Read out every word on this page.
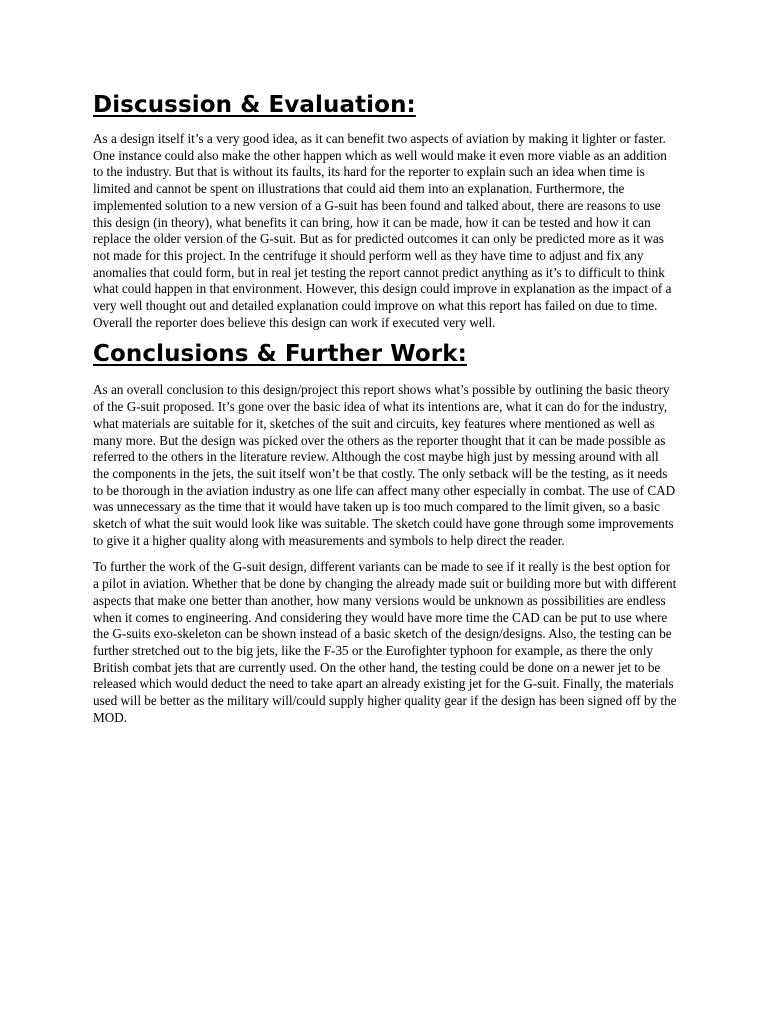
Discussion & Evaluation:

As a design itself it’s a very good idea, as it can benefit two aspects of aviation by making it lighter or faster. One instance could also make the other happen which as well would make it even more viable as an addition to the industry. But that is without its faults, its hard for the reporter to explain such an idea when time is limited and cannot be spent on illustrations that could aid them into an explanation. Furthermore, the implemented solution to a new version of a G-suit has been found and talked about, there are reasons to use this design (in theory), what benefits it can bring, how it can be made, how it can be tested and how it can replace the older version of the G-suit. But as for predicted outcomes it can only be predicted more as it was not made for this project. In the centrifuge it should perform well as they have time to adjust and fix any anomalies that could form, but in real jet testing the report cannot predict anything as it’s to difficult to think what could happen in that environment. However, this design could improve in explanation as the impact of a very well thought out and detailed explanation could improve on what this report has failed on due to time. Overall the reporter does believe this design can work if executed very well.

Conclusions & Further Work:

As an overall conclusion to this design/project this report shows what’s possible by outlining the basic theory of the G-suit proposed. It’s gone over the basic idea of what its intentions are, what it can do for the industry, what materials are suitable for it, sketches of the suit and circuits, key features where mentioned as well as many more. But the design was picked over the others as the reporter thought that it can be made possible as referred to the others in the literature review. Although the cost maybe high just by messing around with all the components in the jets, the suit itself won’t be that costly. The only setback will be the testing, as it needs to be thorough in the aviation industry as one life can affect many other especially in combat. The use of CAD was unnecessary as the time that it would have taken up is too much compared to the limit given, so a basic sketch of what the suit would look like was suitable. The sketch could have gone through some improvements to give it a higher quality along with measurements and symbols to help direct the reader.

To further the work of the G-suit design, different variants can be made to see if it really is the best option for a pilot in aviation. Whether that be done by changing the already made suit or building more but with different aspects that make one better than another, how many versions would be unknown as possibilities are endless when it comes to engineering. And considering they would have more time the CAD can be put to use where the G-suits exo-skeleton can be shown instead of a basic sketch of the design/designs. Also, the testing can be further stretched out to the big jets, like the F-35 or the Eurofighter typhoon for example, as there the only British combat jets that are currently used. On the other hand, the testing could be done on a newer jet to be released which would deduct the need to take apart an already existing jet for the G-suit. Finally, the materials used will be better as the military will/could supply higher quality gear if the design has been signed off by the MOD.
